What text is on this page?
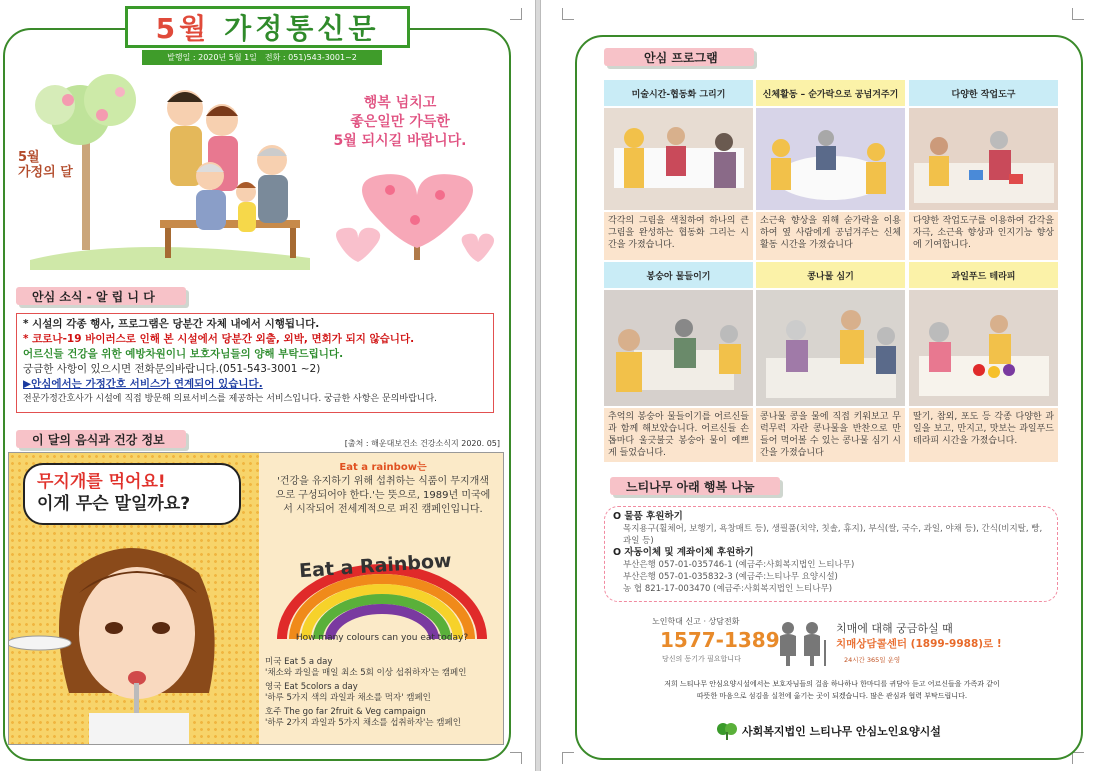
5월 가정통신문
발행일 : 2020년 5월 1일 전화 : 051)543-3001~2
5월
가정의 달
행복 넘치고
좋은일만 가득한
5월 되시길 바랍니다.
안심 소식 - 알 립 니 다
* 시설의 각종 행사, 프로그램은 당분간 자체 내에서 시행됩니다.
* 코로나-19 바이러스로 인해 본 시설에서 당분간 외출, 외박, 면회가 되지 않습니다.
어르신들 건강을 위한 예방차원이니 보호자님들의 양해 부탁드립니다.
궁금한 사항이 있으시면 전화문의바랍니다.(051-543-3001 ~2)
▶안심에서는 가정간호 서비스가 연계되어 있습니다.
전문가정간호사가 시설에 직접 방문해 의료서비스를 제공하는 서비스입니다. 궁금한 사항은 문의바랍니다.
이 달의 음식과 건강 정보	[출처 : 해운대보건소 건강소식지 2020. 05]
무지개를 먹어요!
이게 무슨 말일까요?
Eat a rainbow는
'건강을 유지하기 위해 섭취하는 식품이 무지개색으로 구성되어야 한다.'는 뜻으로, 1989년 미국에서 시작되어 전세계적으로 퍼진 캠페인입니다.
Eat a Rainbow
How many colours can you eat today?
미국 Eat 5 a day
'채소와 과일을 매일 최소 5회 이상 섭취하자'는 캠페인
영국 Eat 5colors a day
'하루 5가지 색의 과일과 채소를 먹자' 캠페인
호주 The go far 2fruit & Veg campaign
'하루 2가지 과일과 5가지 채소를 섭취하자'는 캠페인
안심 프로그램
미술시간-협동화 그리기	신체활동 – 순가락으로 공넘겨주기	다양한 작업도구
각각의 그림을 색칠하여 하나의 큰 그림을 완성하는 협동화 그리는 시간을 가졌습니다.
소근육 향상을 위해 숟가락을 이용하여 옆 사람에게 공넘겨주는 신체활동 시간을 가졌습니다
다양한 작업도구를 이용하여 감각을 자극, 소근육 향상과 인지기능 향상에 기여합니다.
봉숭아 물들이기	콩나물 심기	과일푸드 테라피
추억의 봉숭아 물들이기를 어르신들과 함께 해보았습니다. 어르신들 손톱마다 울긋불긋 봉숭아 물이 예쁘게 들었습니다.
콩나물 콩을 물에 직접 키워보고 무럭무럭 자란 콩나물을 반찬으로 만들어 먹어볼 수 있는 콩나물 심기 시간을 가졌습니다
딸기, 참외, 포도 등 각종 다양한 과일을 보고, 만지고, 맛보는 과일푸드 테라피 시간을 가졌습니다.
느티나무 아래 행복 나눔
O 물품 후원하기
목지용구(휠체어, 보행기, 욕창매트 등), 생필품(치약, 칫솔, 휴지), 부식(쌀, 국수, 과일, 야채 등), 간식(비지탈, 빵, 과일 등)
O 자동이체 및 계좌이체 후원하기
부산은행 057-01-035746-1 (예금주:사회복지법인 느티나무)
부산은행 057-01-035832-3 (예금주:느티나무 요양시설)
농 협 821-17-003470 (예금주:사회복지법인 느티나무)
노인학대 신고 · 상담전화
1577-1389
당신의 동기가 필요합니다
치매에 대해 궁금하실 때
치매상담콜센터 (1899-9988)로 !
24시간 365일 운영
저희 느티나무 안심요양시설에서는 보호자님들의 걸음 하나하나 한마디를 귀담아 듣고 어르신들을 가족과 같이
따뜻한 마음으로 섬김을 실천에 옮기는 곳이 되겠습니다. 많은 관심과 협력 부탁드립니다.
사회복지법인 느티나무 안심노인요양시설
